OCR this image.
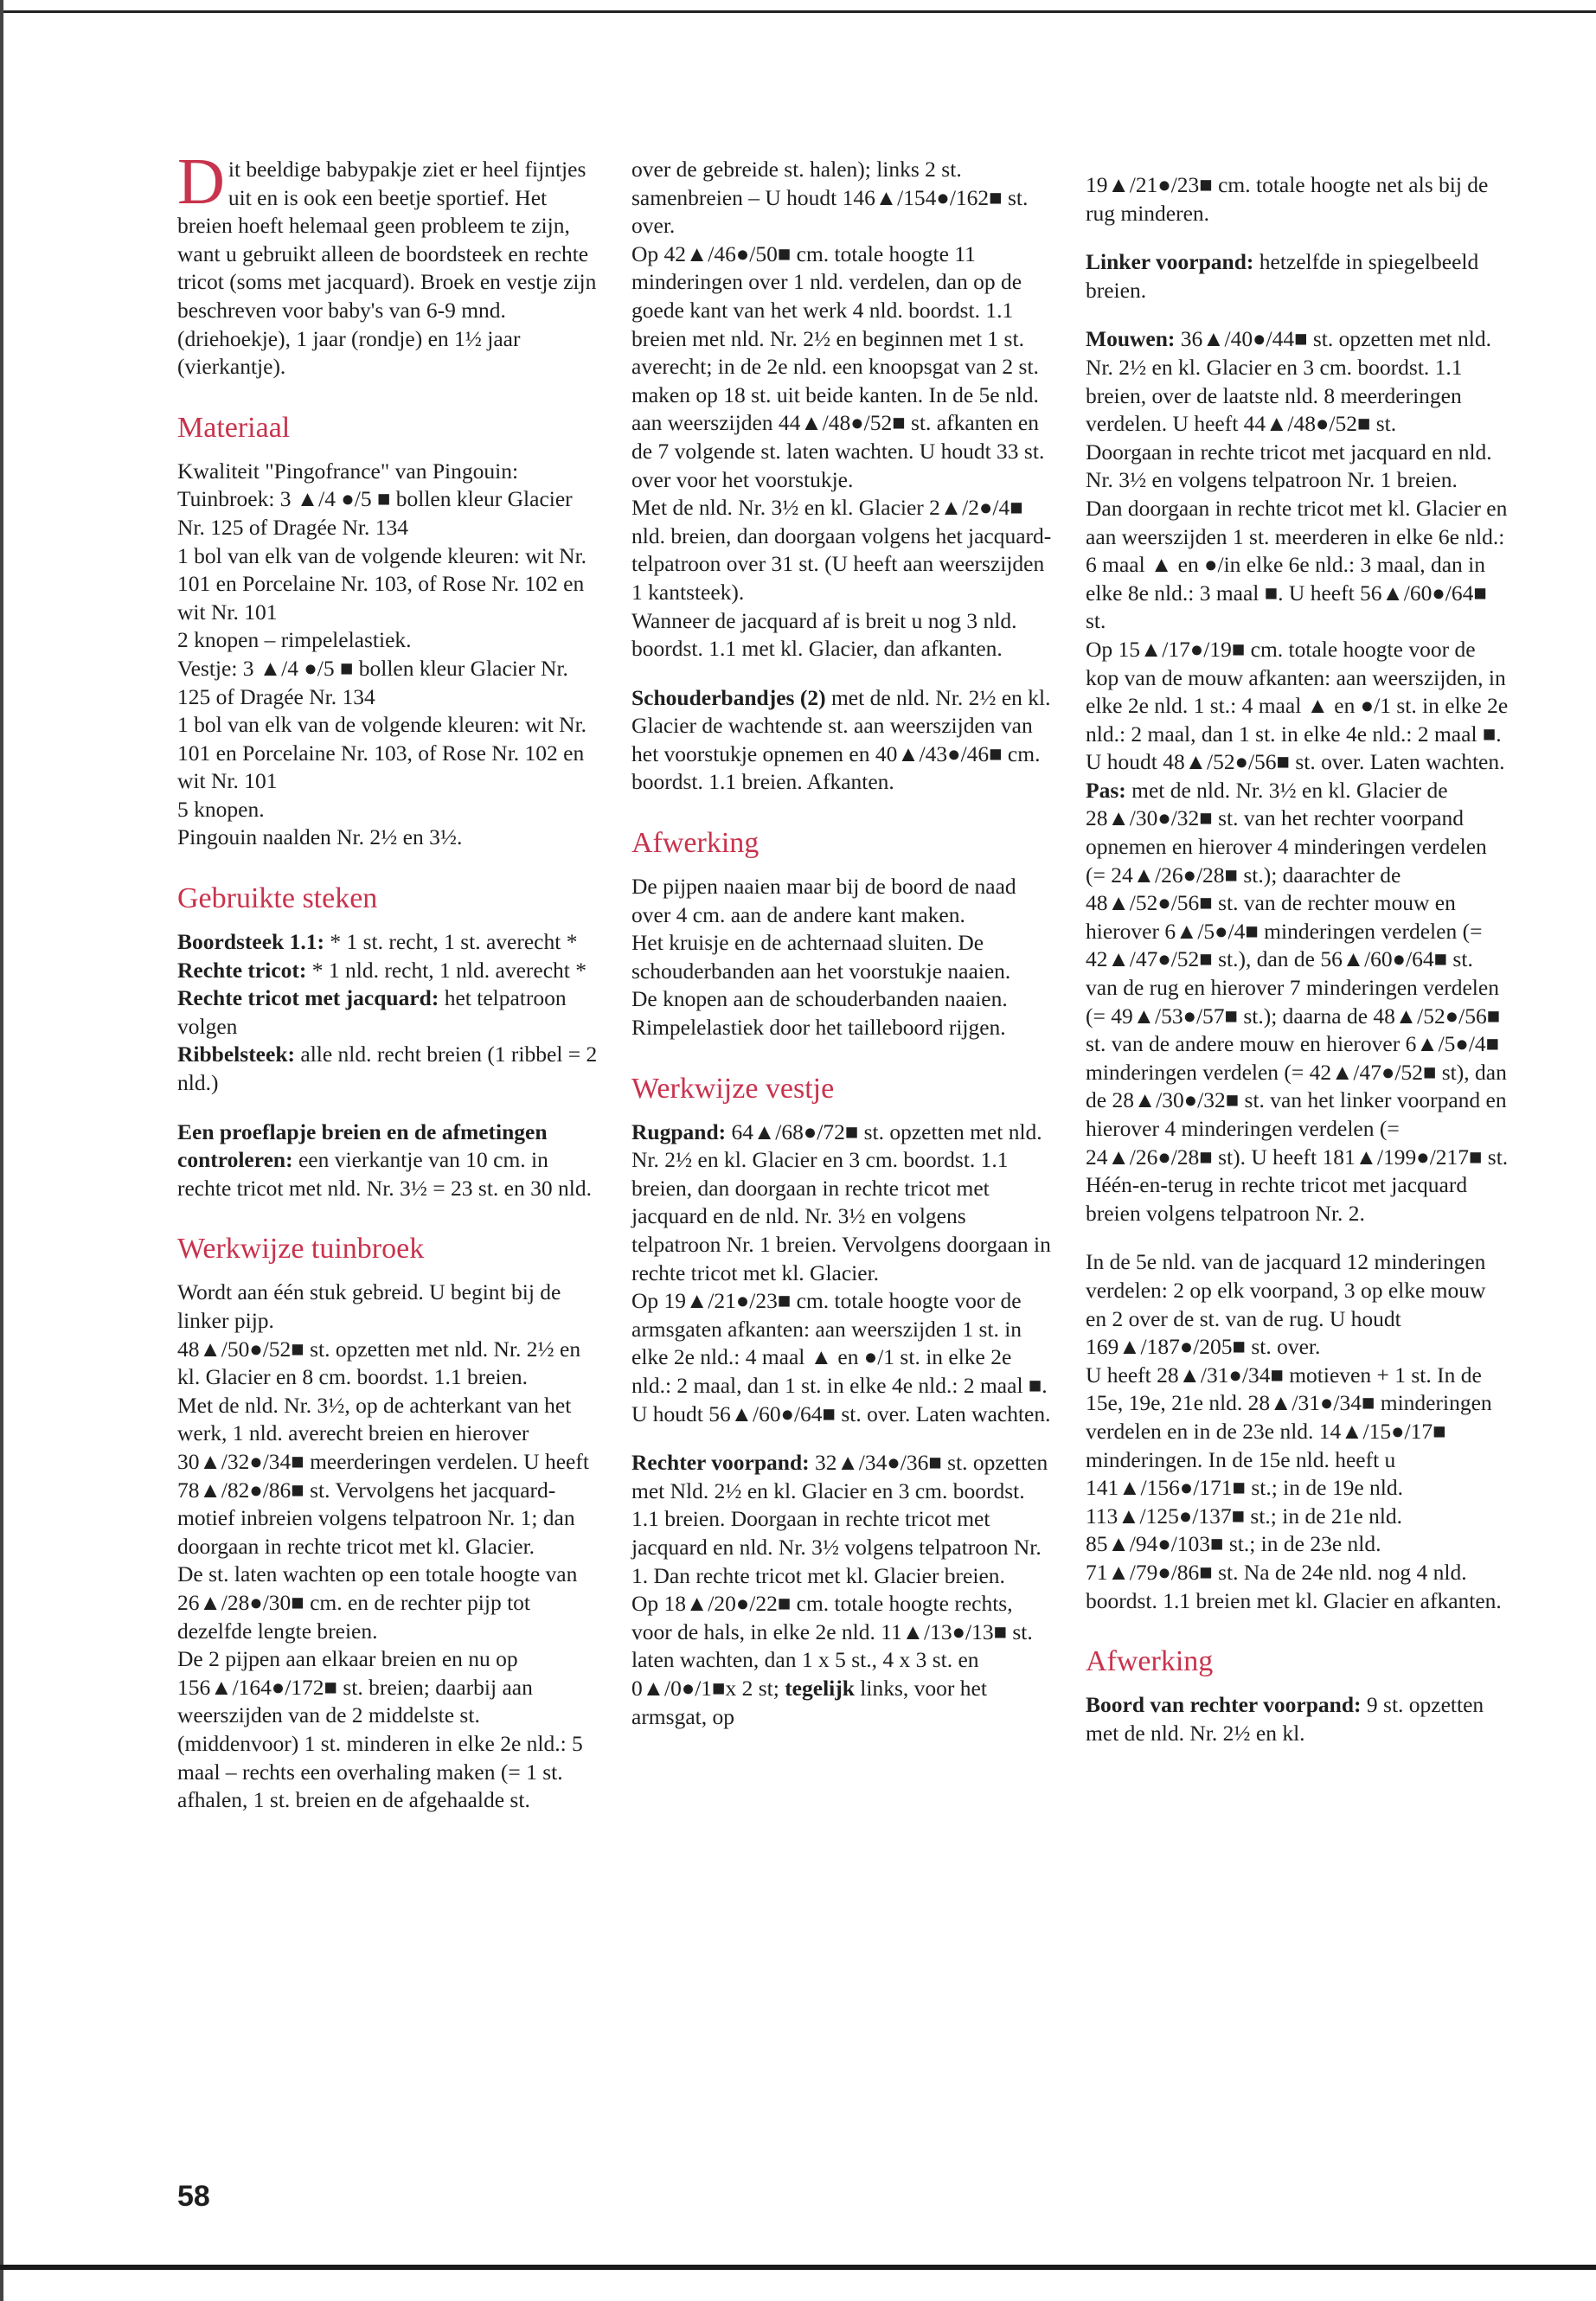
Dit beeldige babypakje ziet er heel fijntjes uit en is ook een beetje sportief. Het breien hoeft helemaal geen probleem te zijn, want u gebruikt alleen de boordsteek en rechte tricot (soms met jacquard). Broek en vestje zijn beschreven voor baby's van 6-9 mnd. (driehoekje), 1 jaar (rondje) en 1½ jaar (vierkantje).

Materiaal

Kwaliteit "Pingofrance" van Pingouin:

Tuinbroek: 3 ▲/4 ●/5 ■ bollen kleur Glacier Nr. 125 of Dragée Nr. 134

1 bol van elk van de volgende kleuren: wit Nr. 101 en Porcelaine Nr. 103, of Rose Nr. 102 en wit Nr. 101

2 knopen – rimpelelastiek.

Vestje: 3 ▲/4 ●/5 ■ bollen kleur Glacier Nr. 125 of Dragée Nr. 134

1 bol van elk van de volgende kleuren: wit Nr. 101 en Porcelaine Nr. 103, of Rose Nr. 102 en wit Nr. 101

5 knopen.

Pingouin naalden Nr. 2½ en 3½.

Gebruikte steken

Boordsteek 1.1: * 1 st. recht, 1 st. averecht *

Rechte tricot: * 1 nld. recht, 1 nld. averecht *

Rechte tricot met jacquard: het telpatroon volgen

Ribbelsteek: alle nld. recht breien (1 ribbel = 2 nld.)

Een proeflapje breien en de afmetingen controleren: een vierkantje van 10 cm. in rechte tricot met nld. Nr. 3½ = 23 st. en 30 nld.

Werkwijze tuinbroek

Wordt aan één stuk gebreid. U begint bij de linker pijp.

48▲/50●/52■ st. opzetten met nld. Nr. 2½ en kl. Glacier en 8 cm. boordst. 1.1 breien.

Met de nld. Nr. 3½, op de achterkant van het werk, 1 nld. averecht breien en hierover 30▲/32●/34■ meerderingen verdelen. U heeft 78▲/82●/86■ st. Vervolgens het jacquard-motief inbreien volgens telpatroon Nr. 1; dan doorgaan in rechte tricot met kl. Glacier.

De st. laten wachten op een totale hoogte van 26▲/28●/30■ cm. en de rechter pijp tot dezelfde lengte breien.

De 2 pijpen aan elkaar breien en nu op 156▲/164●/172■ st. breien; daarbij aan weerszijden van de 2 middelste st. (middenvoor) 1 st. minderen in elke 2e nld.: 5 maal – rechts een overhaling maken (= 1 st. afhalen, 1 st. breien en de afgehaalde st.

over de gebreide st. halen); links 2 st. samenbreien – U houdt 146▲/154●/162■ st. over.

Op 42▲/46●/50■ cm. totale hoogte 11 minderingen over 1 nld. verdelen, dan op de goede kant van het werk 4 nld. boordst. 1.1 breien met nld. Nr. 2½ en beginnen met 1 st. averecht; in de 2e nld. een knoopsgat van 2 st. maken op 18 st. uit beide kanten. In de 5e nld. aan weerszijden 44▲/48●/52■ st. afkanten en de 7 volgende st. laten wachten. U houdt 33 st. over voor het voorstukje.

Met de nld. Nr. 3½ en kl. Glacier 2▲/2●/4■ nld. breien, dan doorgaan volgens het jacquard-telpatroon over 31 st. (U heeft aan weerszijden 1 kantsteek).

Wanneer de jacquard af is breit u nog 3 nld. boordst. 1.1 met kl. Glacier, dan afkanten.

Schouderbandjes (2) met de nld. Nr. 2½ en kl. Glacier de wachtende st. aan weerszijden van het voorstukje opnemen en 40▲/43●/46■ cm. boordst. 1.1 breien. Afkanten.

Afwerking

De pijpen naaien maar bij de boord de naad over 4 cm. aan de andere kant maken.

Het kruisje en de achternaad sluiten. De schouderbanden aan het voorstukje naaien.

De knopen aan de schouderbanden naaien. Rimpelelastiek door het tailleboord rijgen.

Werkwijze vestje

Rugpand: 64▲/68●/72■ st. opzetten met nld. Nr. 2½ en kl. Glacier en 3 cm. boordst. 1.1 breien, dan doorgaan in rechte tricot met jacquard en de nld. Nr. 3½ en volgens telpatroon Nr. 1 breien. Vervolgens doorgaan in rechte tricot met kl. Glacier.

Op 19▲/21●/23■ cm. totale hoogte voor de armsgaten afkanten: aan weerszijden 1 st. in elke 2e nld.: 4 maal ▲ en ●/1 st. in elke 2e nld.: 2 maal, dan 1 st. in elke 4e nld.: 2 maal ■. U houdt 56▲/60●/64■ st. over. Laten wachten.

Rechter voorpand: 32▲/34●/36■ st. opzetten met Nld. 2½ en kl. Glacier en 3 cm. boordst. 1.1 breien. Doorgaan in rechte tricot met jacquard en nld. Nr. 3½ volgens telpatroon Nr. 1. Dan rechte tricot met kl. Glacier breien.

Op 18▲/20●/22■ cm. totale hoogte rechts, voor de hals, in elke 2e nld. 11▲/13●/13■ st. laten wachten, dan 1 x 5 st., 4 x 3 st. en 0▲/0●/1■x 2 st; tegelijk links, voor het armsgat, op

19▲/21●/23■ cm. totale hoogte net als bij de rug minderen.

Linker voorpand: hetzelfde in spiegelbeeld breien.

Mouwen: 36▲/40●/44■ st. opzetten met nld. Nr. 2½ en kl. Glacier en 3 cm. boordst. 1.1 breien, over de laatste nld. 8 meerderingen verdelen. U heeft 44▲/48●/52■ st.

Doorgaan in rechte tricot met jacquard en nld. Nr. 3½ en volgens telpatroon Nr. 1 breien.

Dan doorgaan in rechte tricot met kl. Glacier en aan weerszijden 1 st. meerderen in elke 6e nld.: 6 maal ▲ en ●/in elke 6e nld.: 3 maal, dan in elke 8e nld.: 3 maal ■. U heeft 56▲/60●/64■ st.

Op 15▲/17●/19■ cm. totale hoogte voor de kop van de mouw afkanten: aan weerszijden, in elke 2e nld. 1 st.: 4 maal ▲ en ●/1 st. in elke 2e nld.: 2 maal, dan 1 st. in elke 4e nld.: 2 maal ■. U houdt 48▲/52●/56■ st. over. Laten wachten.

Pas: met de nld. Nr. 3½ en kl. Glacier de 28▲/30●/32■ st. van het rechter voorpand opnemen en hierover 4 minderingen verdelen (= 24▲/26●/28■ st.); daarachter de 48▲/52●/56■ st. van de rechter mouw en hierover 6▲/5●/4■ minderingen verdelen (= 42▲/47●/52■ st.), dan de 56▲/60●/64■ st. van de rug en hierover 7 minderingen verdelen (= 49▲/53●/57■ st.); daarna de 48▲/52●/56■ st. van de andere mouw en hierover 6▲/5●/4■ minderingen verdelen (= 42▲/47●/52■ st), dan de 28▲/30●/32■ st. van het linker voorpand en hierover 4 minderingen verdelen (= 24▲/26●/28■ st). U heeft 181▲/199●/217■ st.

Héén-en-terug in rechte tricot met jacquard breien volgens telpatroon Nr. 2.

In de 5e nld. van de jacquard 12 minderingen verdelen: 2 op elk voorpand, 3 op elke mouw en 2 over de st. van de rug. U houdt 169▲/187●/205■ st. over.

U heeft 28▲/31●/34■ motieven + 1 st. In de 15e, 19e, 21e nld. 28▲/31●/34■ minderingen verdelen en in de 23e nld. 14▲/15●/17■ minderingen. In de 15e nld. heeft u 141▲/156●/171■ st.; in de 19e nld. 113▲/125●/137■ st.; in de 21e nld. 85▲/94●/103■ st.; in de 23e nld. 71▲/79●/86■ st. Na de 24e nld. nog 4 nld. boordst. 1.1 breien met kl. Glacier en afkanten.

Afwerking

Boord van rechter voorpand: 9 st. opzetten met de nld. Nr. 2½ en kl.

58
